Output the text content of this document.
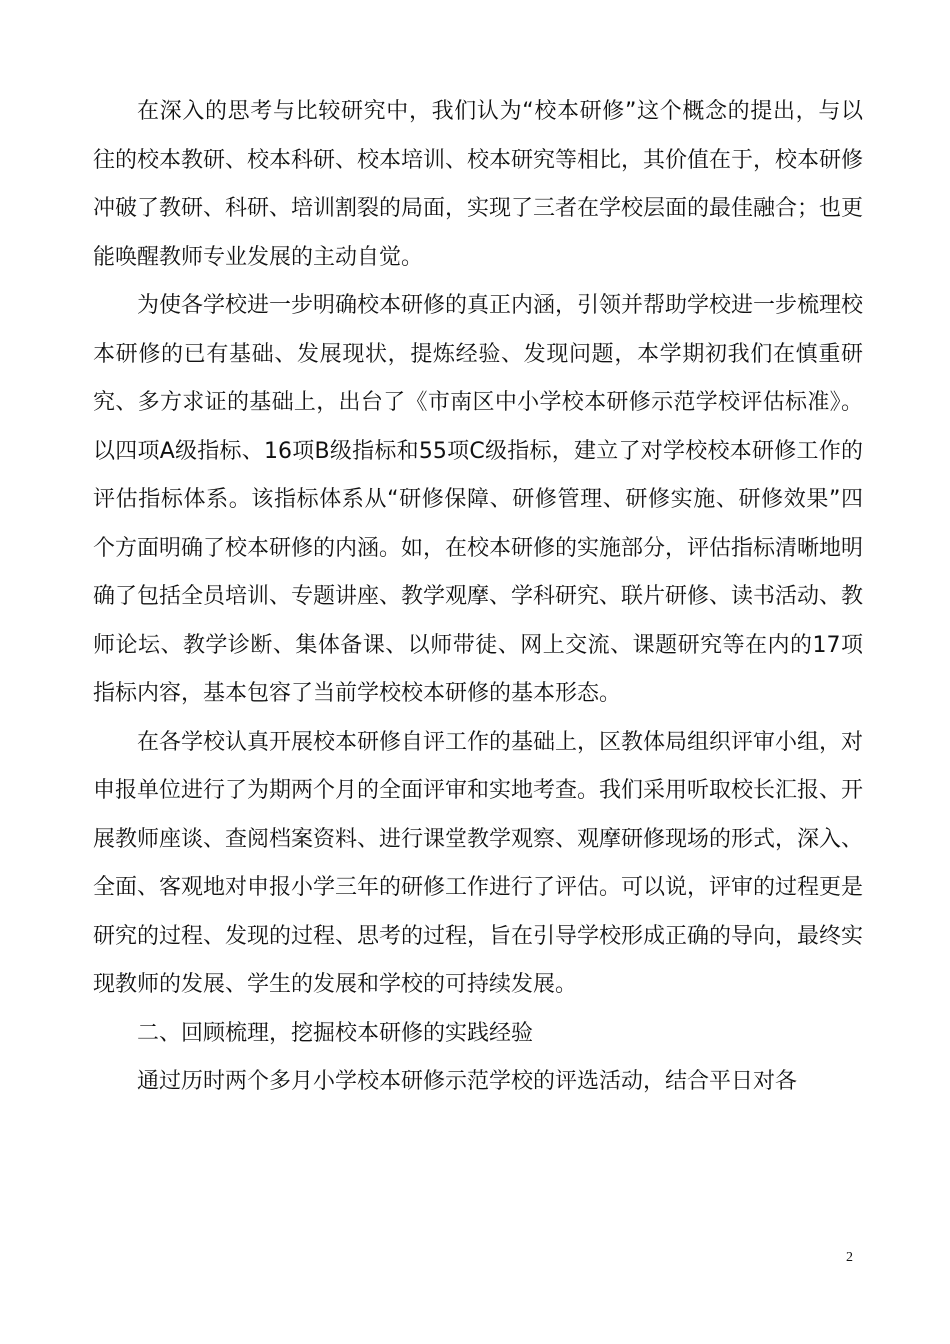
在深入的思考与比较研究中，我们认为“校本研修”这个概念的提出，与以往的校本教研、校本科研、校本培训、校本研究等相比，其价值在于，校本研修冲破了教研、科研、培训割裂的局面，实现了三者在学校层面的最佳融合；也更能唤醒教师专业发展的主动自觉。

为使各学校进一步明确校本研修的真正内涵，引领并帮助学校进一步梳理校本研修的已有基础、发展现状，提炼经验、发现问题，本学期初我们在慎重研究、多方求证的基础上，出台了《市南区中小学校本研修示范学校评估标准》。以四项A级指标、16项B级指标和55项C级指标，建立了对学校校本研修工作的评估指标体系。该指标体系从“研修保障、研修管理、研修实施、研修效果”四个方面明确了校本研修的内涵。如，在校本研修的实施部分，评估指标清晰地明确了包括全员培训、专题讲座、教学观摩、学科研究、联片研修、读书活动、教师论坛、教学诊断、集体备课、以师带徒、网上交流、课题研究等在内的17项指标内容，基本包容了当前学校校本研修的基本形态。

在各学校认真开展校本研修自评工作的基础上，区教体局组织评审小组，对申报单位进行了为期两个月的全面评审和实地考查。我们采用听取校长汇报、开展教师座谈、查阅档案资料、进行课堂教学观察、观摩研修现场的形式，深入、全面、客观地对申报小学三年的研修工作进行了评估。可以说，评审的过程更是研究的过程、发现的过程、思考的过程，旨在引导学校形成正确的导向，最终实现教师的发展、学生的发展和学校的可持续发展。

二、回顾梳理，挖掘校本研修的实践经验

通过历时两个多月小学校本研修示范学校的评选活动，结合平日对各

2
